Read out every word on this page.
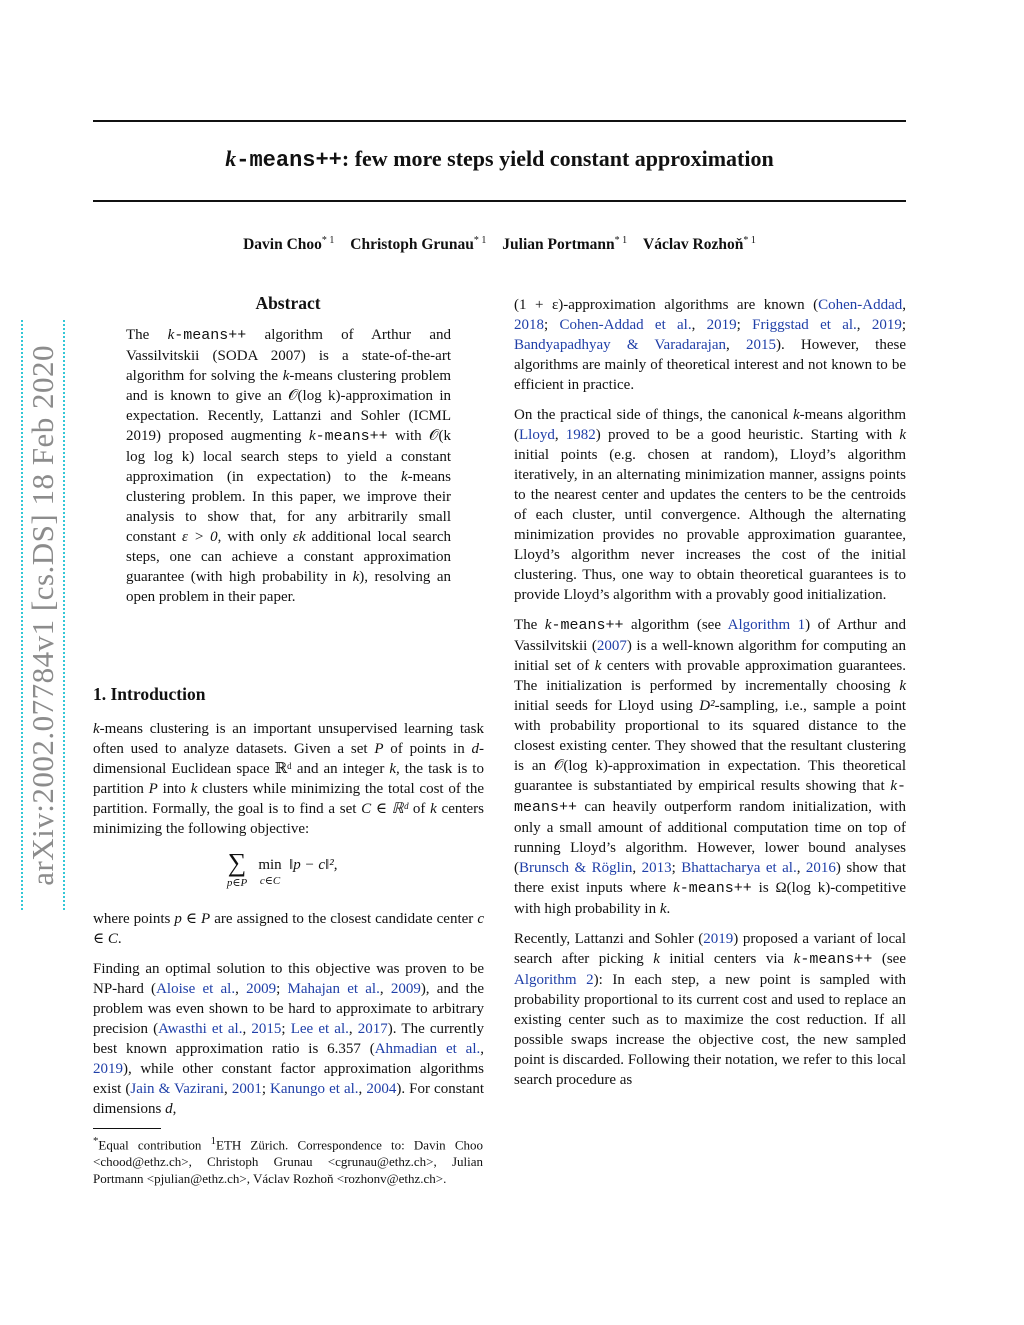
arXiv:2002.07784v1 [cs.DS] 18 Feb 2020
k-means++: few more steps yield constant approximation
Davin Choo$^{* 1}$ Christoph Grunau$^{* 1}$ Julian Portmann$^{* 1}$ Václav Rozhoň$^{* 1}$
Abstract

The k-means++ algorithm of Arthur and Vassilvitskii (SODA 2007) is a state-of-the-art algorithm for solving the k-means clustering problem and is known to give an 𝒪(log k)-approximation in expectation. Recently, Lattanzi and Sohler (ICML 2019) proposed augmenting k-means++ with 𝒪(k log log k) local search steps to yield a constant approximation (in expectation) to the k-means clustering problem. In this paper, we improve their analysis to show that, for any arbitrarily small constant ε > 0, with only εk additional local search steps, one can achieve a constant approximation guarantee (with high probability in k), resolving an open problem in their paper.

1. Introduction

k-means clustering is an important unsupervised learning task often used to analyze datasets. Given a set P of points in d-dimensional Euclidean space ℝᵈ and an integer k, the task is to partition P into k clusters while minimizing the total cost of the partition. Formally, the goal is to find a set C ∈ ℝᵈ of k centers minimizing the following objective:

∑
p∈P
min
c∈C
‖p − c‖²,

where points p ∈ P are assigned to the closest candidate center c ∈ C.

Finding an optimal solution to this objective was proven to be NP-hard (Aloise et al., 2009; Mahajan et al., 2009), and the problem was even shown to be hard to approximate to arbitrary precision (Awasthi et al., 2015; Lee et al., 2017). The currently best known approximation ratio is 6.357 (Ahmadian et al., 2019), while other constant factor approximation algorithms exist (Jain & Vazirani, 2001; Kanungo et al., 2004). For constant dimensions d,

*Equal contribution $^1$ETH Zürich. Correspondence to: Davin Choo <chood@ethz.ch>, Christoph Grunau <cgrunau@ethz.ch>, Julian Portmann <pjulian@ethz.ch>, Václav Rozhoň <rozhonv@ethz.ch>.

(1 + ε)-approximation algorithms are known (Cohen-Addad, 2018; Cohen-Addad et al., 2019; Friggstad et al., 2019; Bandyapadhyay & Varadarajan, 2015). However, these algorithms are mainly of theoretical interest and not known to be efficient in practice.

On the practical side of things, the canonical k-means algorithm (Lloyd, 1982) proved to be a good heuristic. Starting with k initial points (e.g. chosen at random), Lloyd’s algorithm iteratively, in an alternating minimization manner, assigns points to the nearest center and updates the centers to be the centroids of each cluster, until convergence. Although the alternating minimization provides no provable approximation guarantee, Lloyd’s algorithm never increases the cost of the initial clustering. Thus, one way to obtain theoretical guarantees is to provide Lloyd’s algorithm with a provably good initialization.

The k-means++ algorithm (see Algorithm 1) of Arthur and Vassilvitskii (2007) is a well-known algorithm for computing an initial set of k centers with provable approximation guarantees. The initialization is performed by incrementally choosing k initial seeds for Lloyd using D²-sampling, i.e., sample a point with probability proportional to its squared distance to the closest existing center. They showed that the resultant clustering is an 𝒪(log k)-approximation in expectation. This theoretical guarantee is substantiated by empirical results showing that k-means++ can heavily outperform random initialization, with only a small amount of additional computation time on top of running Lloyd’s algorithm. However, lower bound analyses (Brunsch & Röglin, 2013; Bhattacharya et al., 2016) show that there exist inputs where k-means++ is Ω(log k)-competitive with high probability in k.

Recently, Lattanzi and Sohler (2019) proposed a variant of local search after picking k initial centers via k-means++ (see Algorithm 2): In each step, a new point is sampled with probability proportional to its current cost and used to replace an existing center such as to maximize the cost reduction. If all possible swaps increase the objective cost, the new sampled point is discarded. Following their notation, we refer to this local search procedure as
